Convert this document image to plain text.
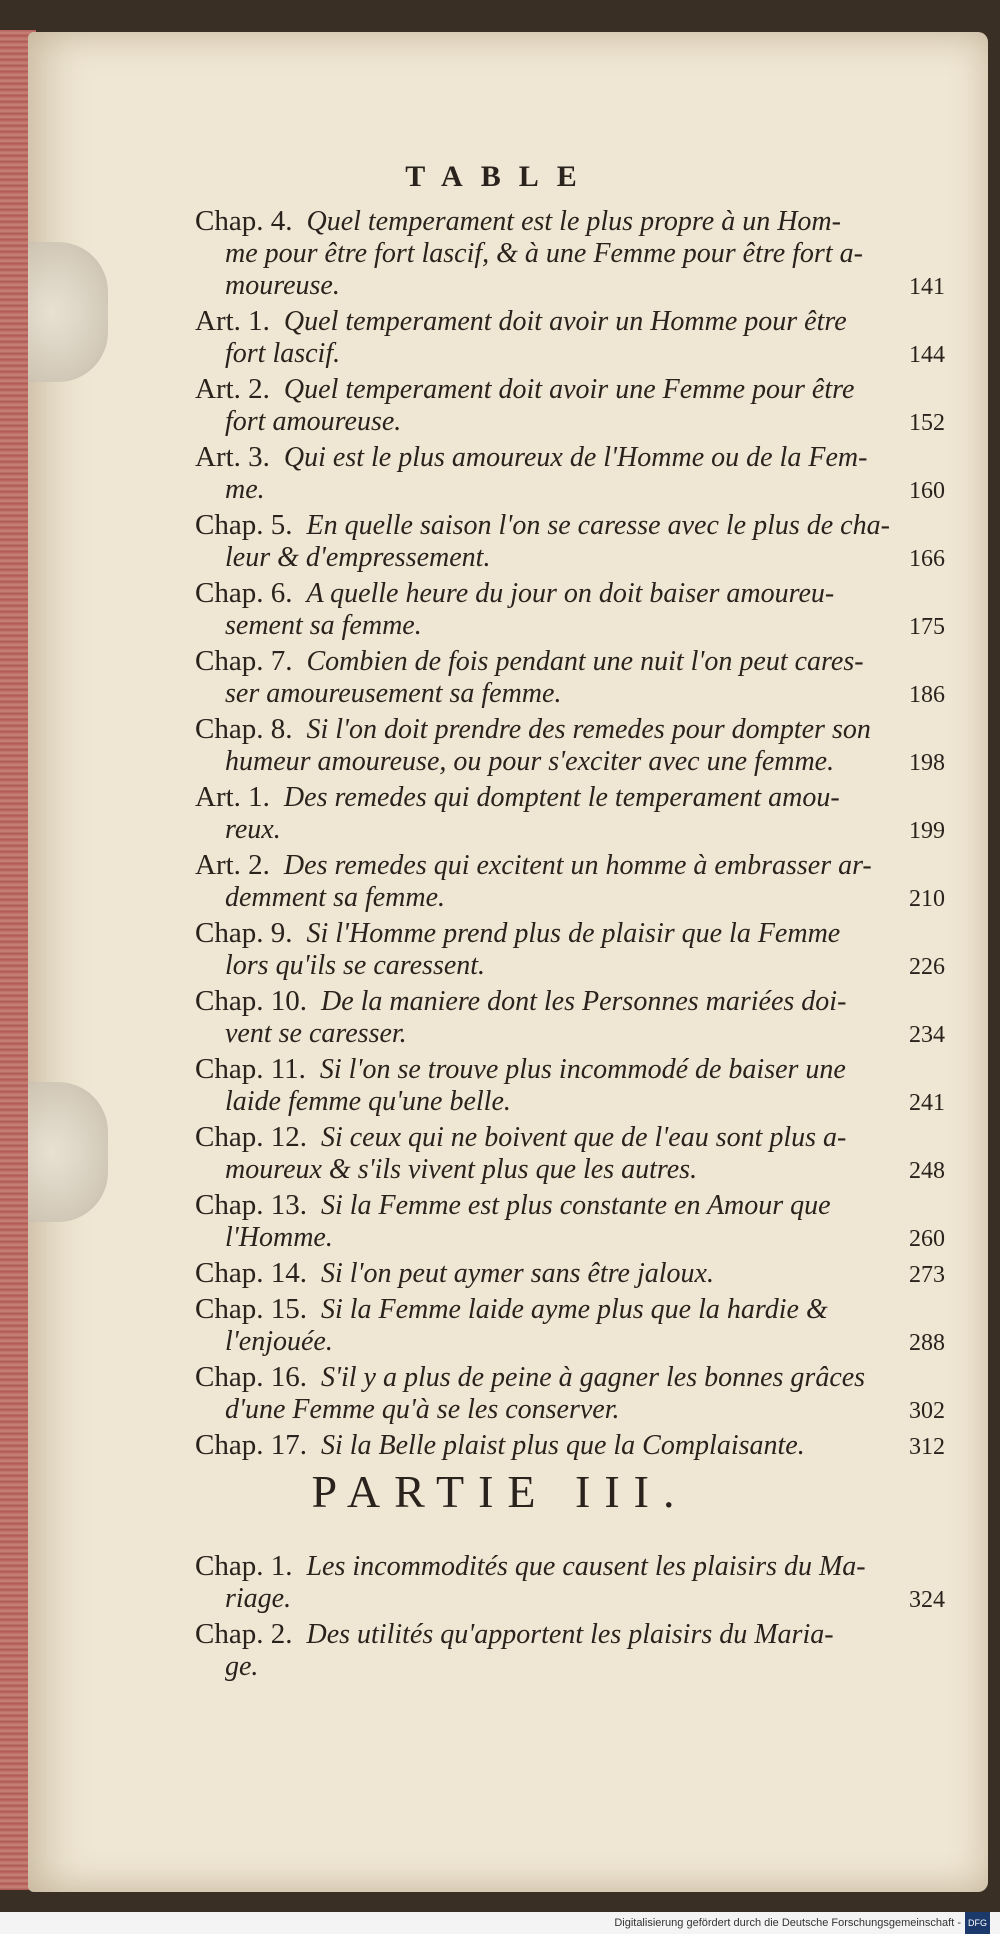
TABLE
Chap. 4. Quel temperament est le plus propre à un Hom-
me pour être fort lascif, & à une Femme pour être fort a-
moureuse.	141
Art. 1. Quel temperament doit avoir un Homme pour être
fort lascif.	144
Art. 2. Quel temperament doit avoir une Femme pour être
fort amoureuse.	152
Art. 3. Qui est le plus amoureux de l'Homme ou de la Fem-
me.	160
Chap. 5. En quelle saison l'on se caresse avec le plus de cha-
leur & d'empressement.	166
Chap. 6. A quelle heure du jour on doit baiser amoureu-
sement sa femme.	175
Chap. 7. Combien de fois pendant une nuit l'on peut cares-
ser amoureusement sa femme.	186
Chap. 8. Si l'on doit prendre des remedes pour dompter son
humeur amoureuse, ou pour s'exciter avec une femme.	198
Art. 1. Des remedes qui domptent le temperament amou-
reux.	199
Art. 2. Des remedes qui excitent un homme à embrasser ar-
demment sa femme.	210
Chap. 9. Si l'Homme prend plus de plaisir que la Femme
lors qu'ils se caressent.	226
Chap. 10. De la maniere dont les Personnes mariées doi-
vent se caresser.	234
Chap. 11. Si l'on se trouve plus incommodé de baiser une
laide femme qu'une belle.	241
Chap. 12. Si ceux qui ne boivent que de l'eau sont plus a-
moureux & s'ils vivent plus que les autres.	248
Chap. 13. Si la Femme est plus constante en Amour que
l'Homme.	260
Chap. 14. Si l'on peut aymer sans être jaloux.	273
Chap. 15. Si la Femme laide ayme plus que la hardie &
l'enjouée.	288
Chap. 16. S'il y a plus de peine à gagner les bonnes grâces
d'une Femme qu'à se les conserver.	302
Chap. 17. Si la Belle plaist plus que la Complaisante.	312
PARTIE III.
Chap. 1. Les incommodités que causent les plaisirs du Ma-
riage.	324
Chap. 2. Des utilités qu'apportent les plaisirs du Maria-
ge.
Digitalisierung gefördert durch die Deutsche Forschungsgemeinschaft - DFG
